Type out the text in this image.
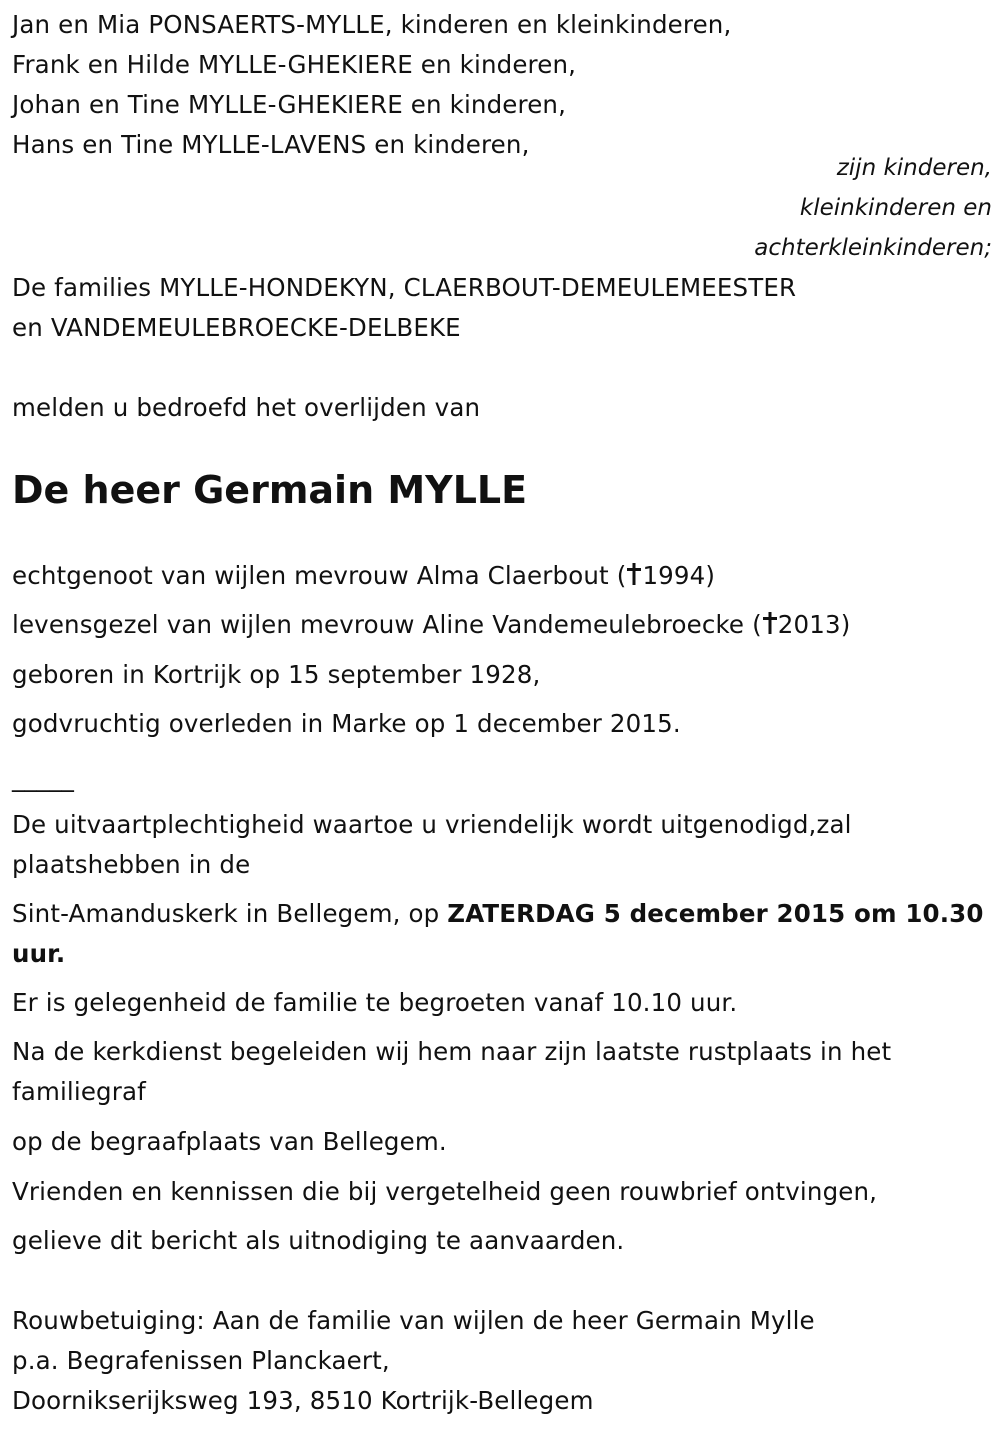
Jan en Mia PONSAERTS-MYLLE, kinderen en kleinkinderen,

Frank en Hilde MYLLE-GHEKIERE en kinderen,

Johan en Tine MYLLE-GHEKIERE en kinderen,

Hans en Tine MYLLE-LAVENS en kinderen,

zijn kinderen,

kleinkinderen en

achterkleinkinderen;

De families MYLLE-HONDEKYN, CLAERBOUT-DEMEULEMEESTER

en VANDEMEULEBROECKE-DELBEKE

melden u bedroefd het overlijden van

De heer Germain MYLLE

echtgenoot van wijlen mevrouw Alma Claerbout ( 1994)

levensgezel van wijlen mevrouw Aline Vandemeulebroecke ( 2013)

geboren in Kortrijk op 15 september 1928,

godvruchtig overleden in Marke op 1 december 2015.

_____

De uitvaartplechtigheid waartoe u vriendelijk wordt uitgenodigd,zal

plaatshebben in de

Sint-Amanduskerk in Bellegem, op ZATERDAG 5 december 2015 om 10.30

uur.

Er is gelegenheid de familie te begroeten vanaf 10.10 uur.

Na de kerkdienst begeleiden wij hem naar zijn laatste rustplaats in het

familiegraf

op de begraafplaats van Bellegem.

Vrienden en kennissen die bij vergetelheid geen rouwbrief ontvingen,

gelieve dit bericht als uitnodiging te aanvaarden.

Rouwbetuiging: Aan de familie van wijlen de heer Germain Mylle

p.a. Begrafenissen Planckaert,

Doornikserijksweg 193, 8510 Kortrijk-Bellegem
